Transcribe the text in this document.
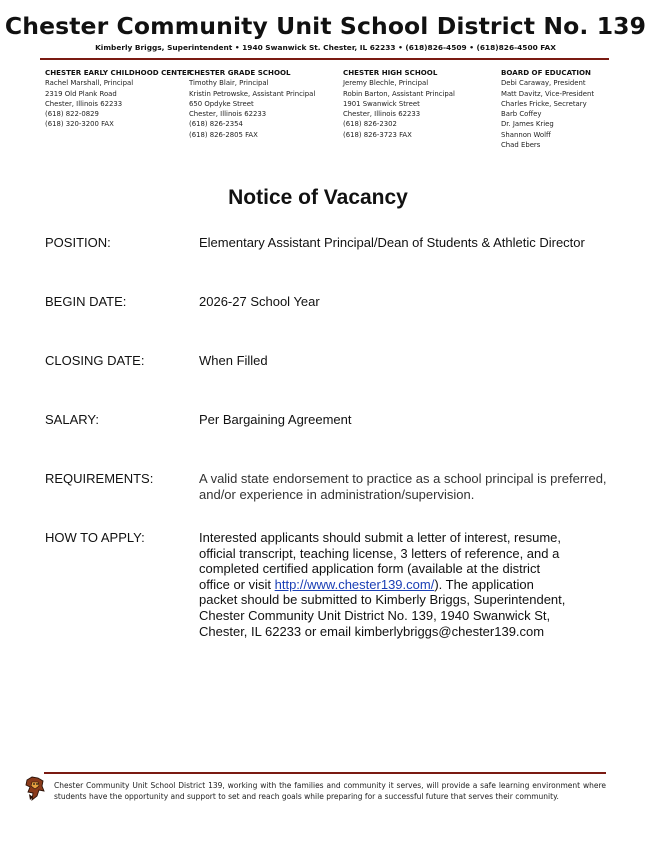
Chester Community Unit School District No. 139
Kimberly Briggs, Superintendent • 1940 Swanwick St. Chester, IL 62233 • (618)826-4509 • (618)826-4500 FAX
CHESTER EARLY CHILDHOOD CENTER
Rachel Marshall, Principal
2319 Old Plank Road
Chester, Illinois 62233
(618) 822-0829
(618) 320-3200 FAX
CHESTER GRADE SCHOOL
Timothy Blair, Principal
Kristin Petrowske, Assistant Principal
650 Opdyke Street
Chester, Illinois 62233
(618) 826-2354
(618) 826-2805 FAX
CHESTER HIGH SCHOOL
Jeremy Blechle, Principal
Robin Barton, Assistant Principal
1901 Swanwick Street
Chester, Illinois 62233
(618) 826-2302
(618) 826-3723 FAX
BOARD OF EDUCATION
Debi Caraway, President
Matt Davitz, Vice-President
Charles Fricke, Secretary
Barb Coffey
Dr. James Krieg
Shannon Wolff
Chad Ebers
Notice of Vacancy
POSITION:	Elementary Assistant Principal/Dean of Students & Athletic Director
BEGIN DATE:	2026-27 School Year
CLOSING DATE:	When Filled
SALARY:	Per Bargaining Agreement
REQUIREMENTS:	A valid state endorsement to practice as a school principal is preferred, and/or experience in administration/supervision.
HOW TO APPLY:	Interested applicants should submit a letter of interest, resume, official transcript, teaching license, 3 letters of reference, and a completed certified application form (available at the district office or visit http://www.chester139.com/). The application packet should be submitted to Kimberly Briggs, Superintendent, Chester Community Unit District No. 139, 1940 Swanwick St, Chester, IL 62233 or email kimberlybriggs@chester139.com
Chester Community Unit School District 139, working with the families and community it serves, will provide a safe learning environment where students have the opportunity and support to set and reach goals while preparing for a successful future that serves their community.
